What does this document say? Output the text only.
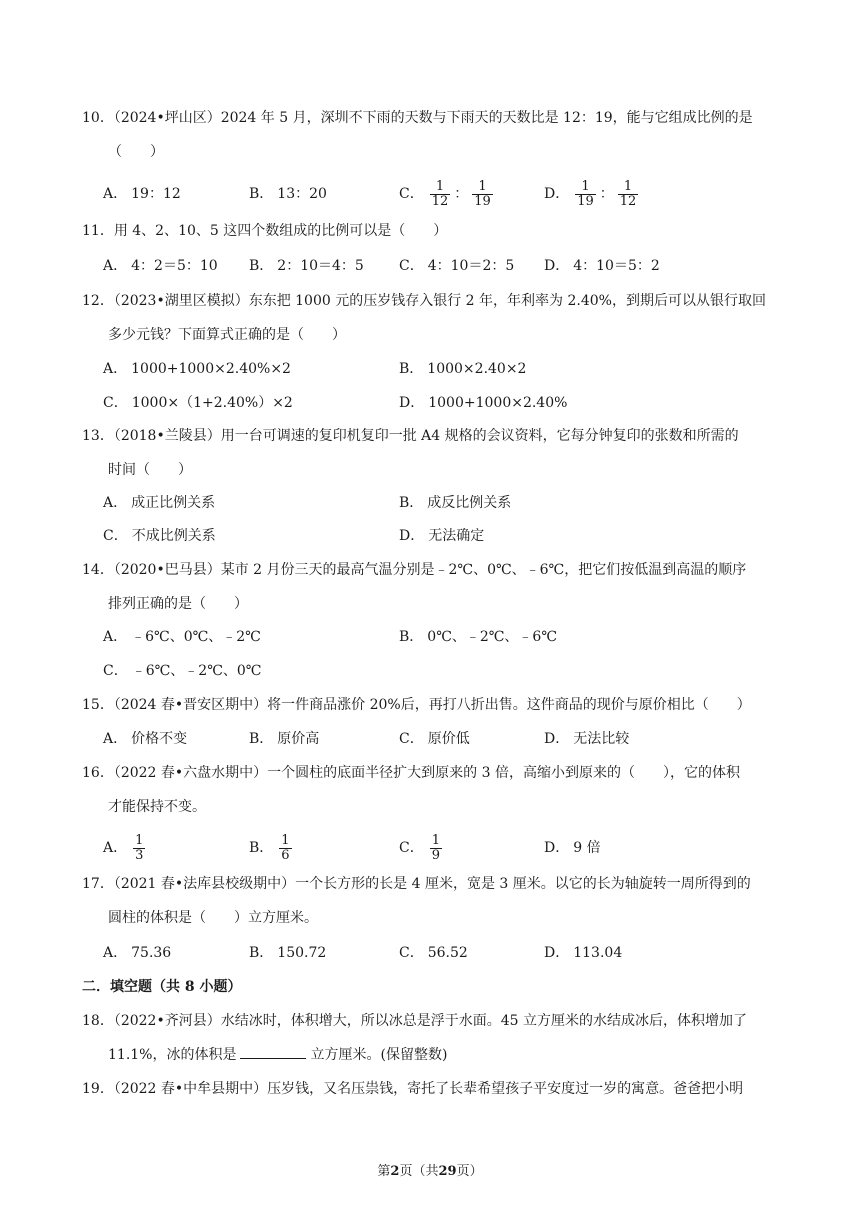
10．（2024•坪山区）2024 年 5 月，深圳不下雨的天数与下雨天的天数比是 12：19，能与它组成比例的是
（　　）
A． 19：12	B． 13：20	C． $\frac{1}{12}$ ： $\frac{1}{19}$	D． $\frac{1}{19}$ ： $\frac{1}{12}$
11．用 4、2、10、5 这四个数组成的比例可以是（　　）
A． 4：2＝5：10 B． 2：10＝4：5	C． 4：10＝2：5 D． 4：10＝5：2
12．（2023•湖里区模拟）东东把 1000 元的压岁钱存入银行 2 年，年利率为 2.40%，到期后可以从银行取回
多少元钱？下面算式正确的是（　　）
A． 1000+1000×2.40%×2	B． 1000×2.40×2
C． 1000×（1+2.40%）×2	D． 1000+1000×2.40%
13．（2018•兰陵县）用一台可调速的复印机复印一批 A4 规格的会议资料，它每分钟复印的张数和所需的
时间（　　）
A． 成正比例关系	B． 成反比例关系
C． 不成比例关系	D． 无法确定
14．（2020•巴马县）某市 2 月份三天的最高气温分别是﹣2℃、0℃、﹣6℃，把它们按低温到高温的顺序
排列正确的是（　　）
A． ﹣6℃、0℃、﹣2℃	B． 0℃、﹣2℃、﹣6℃
C． ﹣6℃、﹣2℃、0℃
15．（2024 春•晋安区期中）将一件商品涨价 20%后，再打八折出售。这件商品的现价与原价相比（　　）
A． 价格不变	B． 原价高	C． 原价低	D． 无法比较
16．（2022 春•六盘水期中）一个圆柱的底面半径扩大到原来的 3 倍，高缩小到原来的（　　），它的体积
才能保持不变。
A． $\frac{1}{3}$	B． $\frac{1}{6}$	C． $\frac{1}{9}$	D． 9 倍
17．（2021 春•法库县校级期中）一个长方形的长是 4 厘米，宽是 3 厘米。以它的长为轴旋转一周所得到的
圆柱的体积是（　　）立方厘米。
A． 75.36	B． 150.72	C． 56.52	D． 113.04
二．填空题（共 8 小题）
18．（2022•齐河县）水结冰时，体积增大，所以冰总是浮于水面。45 立方厘米的水结成冰后，体积增加了
11.1%，冰的体积是	立方厘米。(保留整数)
19．（2022 春•中牟县期中）压岁钱，又名压祟钱，寄托了长辈希望孩子平安度过一岁的寓意。爸爸把小明
第2页（共29页）
